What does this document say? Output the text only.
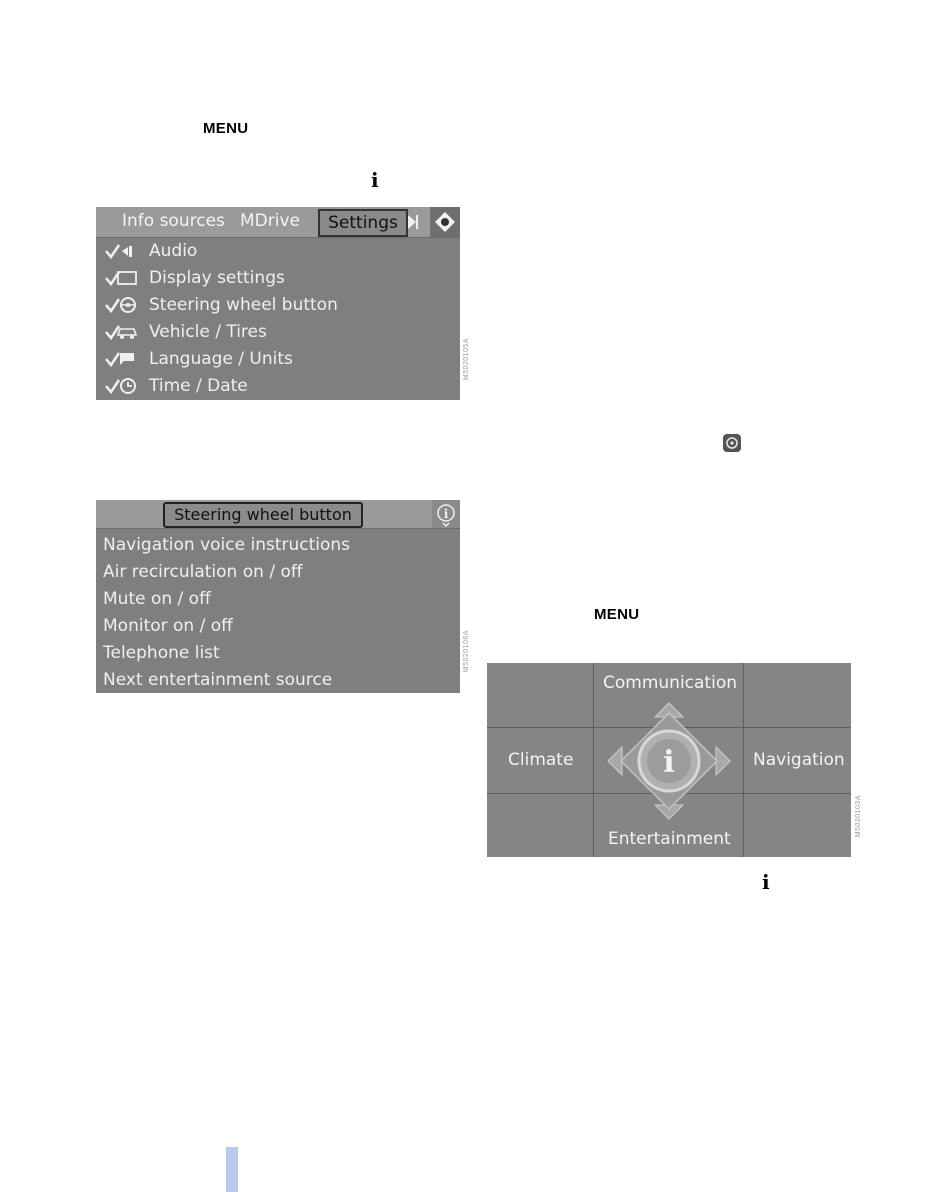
MENU
i
Info sources MDrive	Settings
Audio
Display settings
Steering wheel button
Vehicle / Tires
Language / Units
Time / Date
M5020105A
Steering wheel button	i
Navigation voice instructions
Air recirculation on / off
Mute on / off
Monitor on / off
Telephone list
Next entertainment source
M5020106A
MENU
Communication
Climate	Navigation
Entertainment
i
M5020103A
i
